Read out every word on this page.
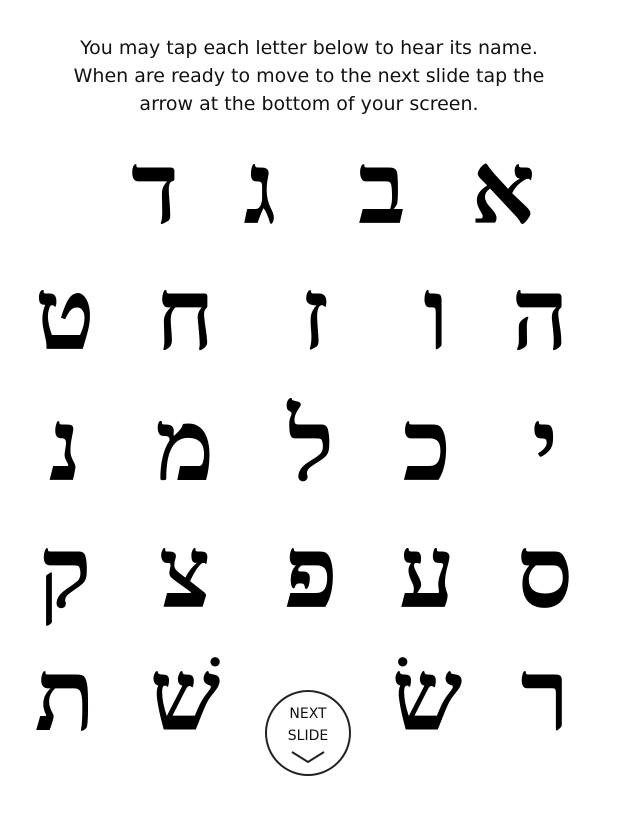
You may tap each letter below to hear its name.
When are ready to move to the next slide tap the
arrow at the bottom of your screen.
ד ג ב א
ט ח ז ו ה
נ מ ל כ י
ק צ פ ע ס
ת שׁ שׂ ר
NEXT
SLIDE
